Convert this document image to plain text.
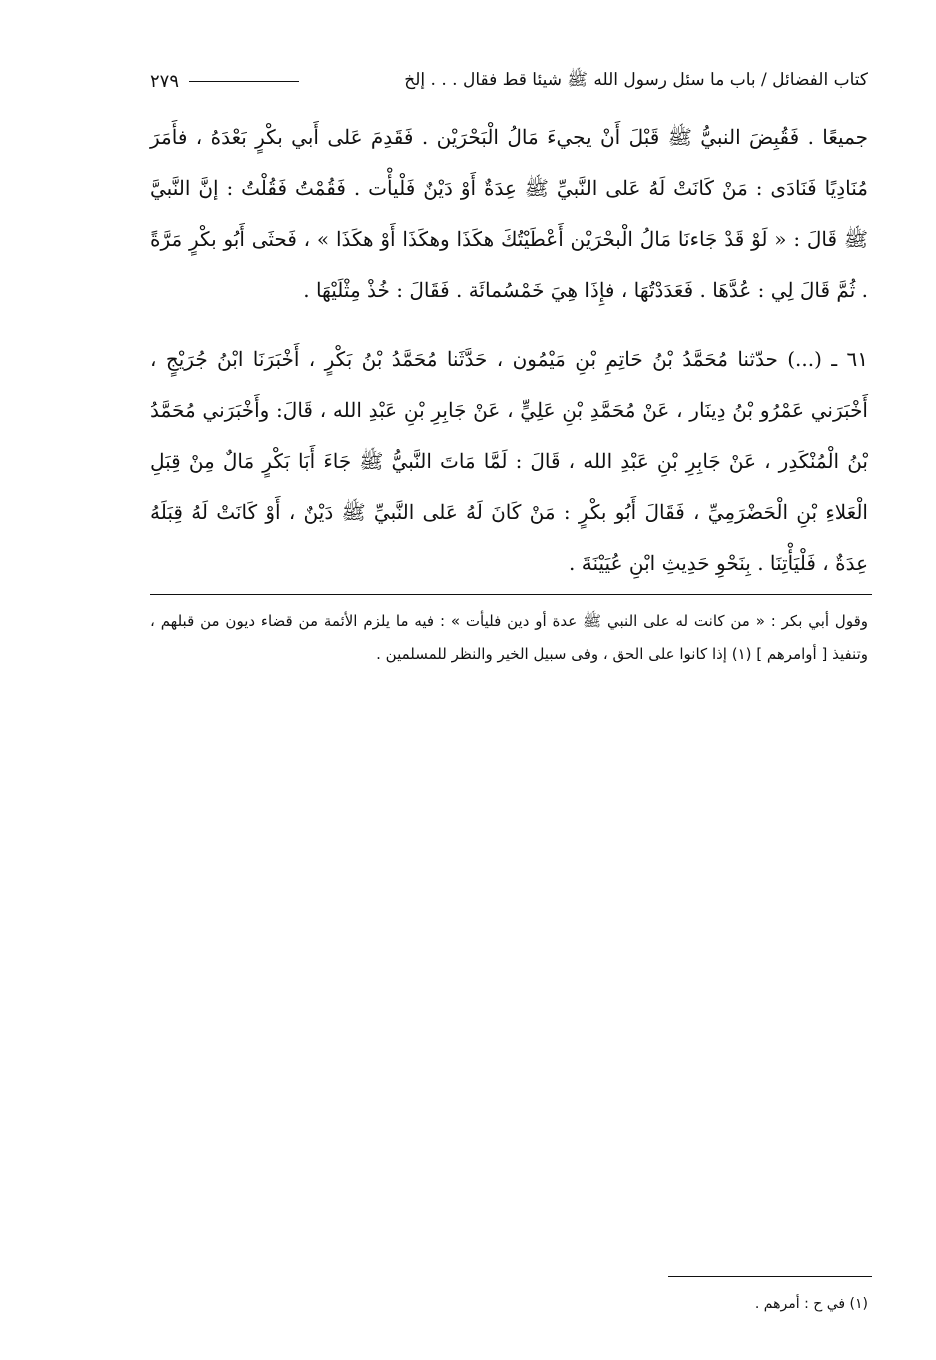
كتاب الفضائل / باب ما سئل رسول الله ﷺ شيئا قط فقال . . . إلخ
٢٧٩

جميعًا . فَقُبِضَ النبيُّ ﷺ قَبْلَ أَنْ يجيءَ مَالُ الْبَحْرَيْن . فَقَدِمَ عَلى أَبي بكْرٍ بَعْدَهُ ، فأَمَرَ مُنَادِيًا فَنَادَى : مَنْ كَانَتْ لَهُ عَلى النَّبيِّ ﷺ عِدَةٌ أَوْ دَيْنٌ فَلْيأْت . فَقُمْتُ فَقُلْتُ : إنَّ النَّبيَّ ﷺ قَالَ : « لَوْ قَدْ جَاءنَا مَالُ الْبحْرَيْن أَعْطَيْتُكَ هكَذَا وهكَذَا أَوْ هكَذَا » ، فَحثَى أَبُو بكْرٍ مَرَّةً . ثُمَّ قَالَ لِي : عُدَّهَا . فَعَدَدْتُهَا ، فإِذَا هِيَ خَمْسُمائَة . فَقَالَ : خُذْ مِثْلَيْهَا .

٦١ ـ (...) حدّثنا مُحَمَّدُ بْنُ حَاتِمِ بْنِ مَيْمُون ، حَدَّثَنا مُحَمَّدُ بْنُ بَكْرٍ ، أَخْبَرَنَا ابْنُ جُرَيْجٍ ، أَخْبَرَني عَمْرُو بْنُ دِينَار ، عَنْ مُحَمَّدِ بْنِ عَلِيٍّ ، عَنْ جَابِرِ بْنِ عَبْدِ الله ، قَالَ: وأَخْبَرَني مُحَمَّدُ بْنُ الْمُنْكَدِر ، عَنْ جَابِرِ بْنِ عَبْدِ الله ، قَالَ : لَمَّا مَاتَ النَّبيُّ ﷺ جَاءَ أَبَا بَكْرٍ مَالٌ مِنْ قِبَلِ الْعَلاءِ بْنِ الْحَضْرَمِيِّ ، فَقَالَ أَبُو بكْرٍ : مَنْ كَانَ لَهُ عَلى النَّبيِّ ﷺ دَيْنٌ ، أَوْ كَانَتْ لَهُ قِبَلَهُ عِدَةٌ ، فَلْيَأْتِنَا . بِنَحْوِ حَدِيثِ ابْنِ عُيَيْنَةَ .

وقول أبي بكر : « من كانت له على النبي ﷺ عدة أو دين فليأت » : فيه ما يلزم الأئمة من قضاء ديون من قبلهم ، وتنفيذ [ أوامرهم ] (١) إذا كانوا على الحق ، وفى سبيل الخير والنظر للمسلمين .

(١) في ح : أمرهم .
